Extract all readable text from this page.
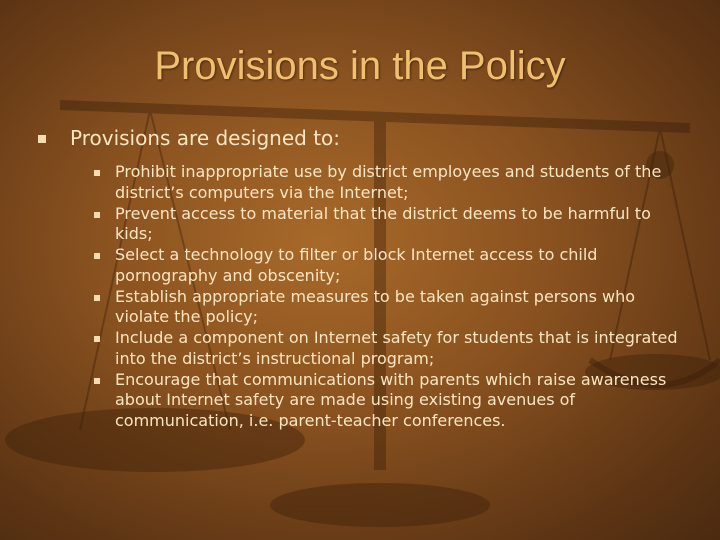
Provisions in the Policy
Provisions are designed to:
Prohibit inappropriate use by district employees and students of the district’s computers via the Internet;
Prevent access to material that the district deems to be harmful to kids;
Select a technology to filter or block Internet access to child pornography and obscenity;
Establish appropriate measures to be taken against persons who violate the policy;
Include a component on Internet safety for students that is integrated into the district’s instructional program;
Encourage that communications with parents which raise awareness about Internet safety are made using existing avenues of communication, i.e. parent-teacher conferences.
